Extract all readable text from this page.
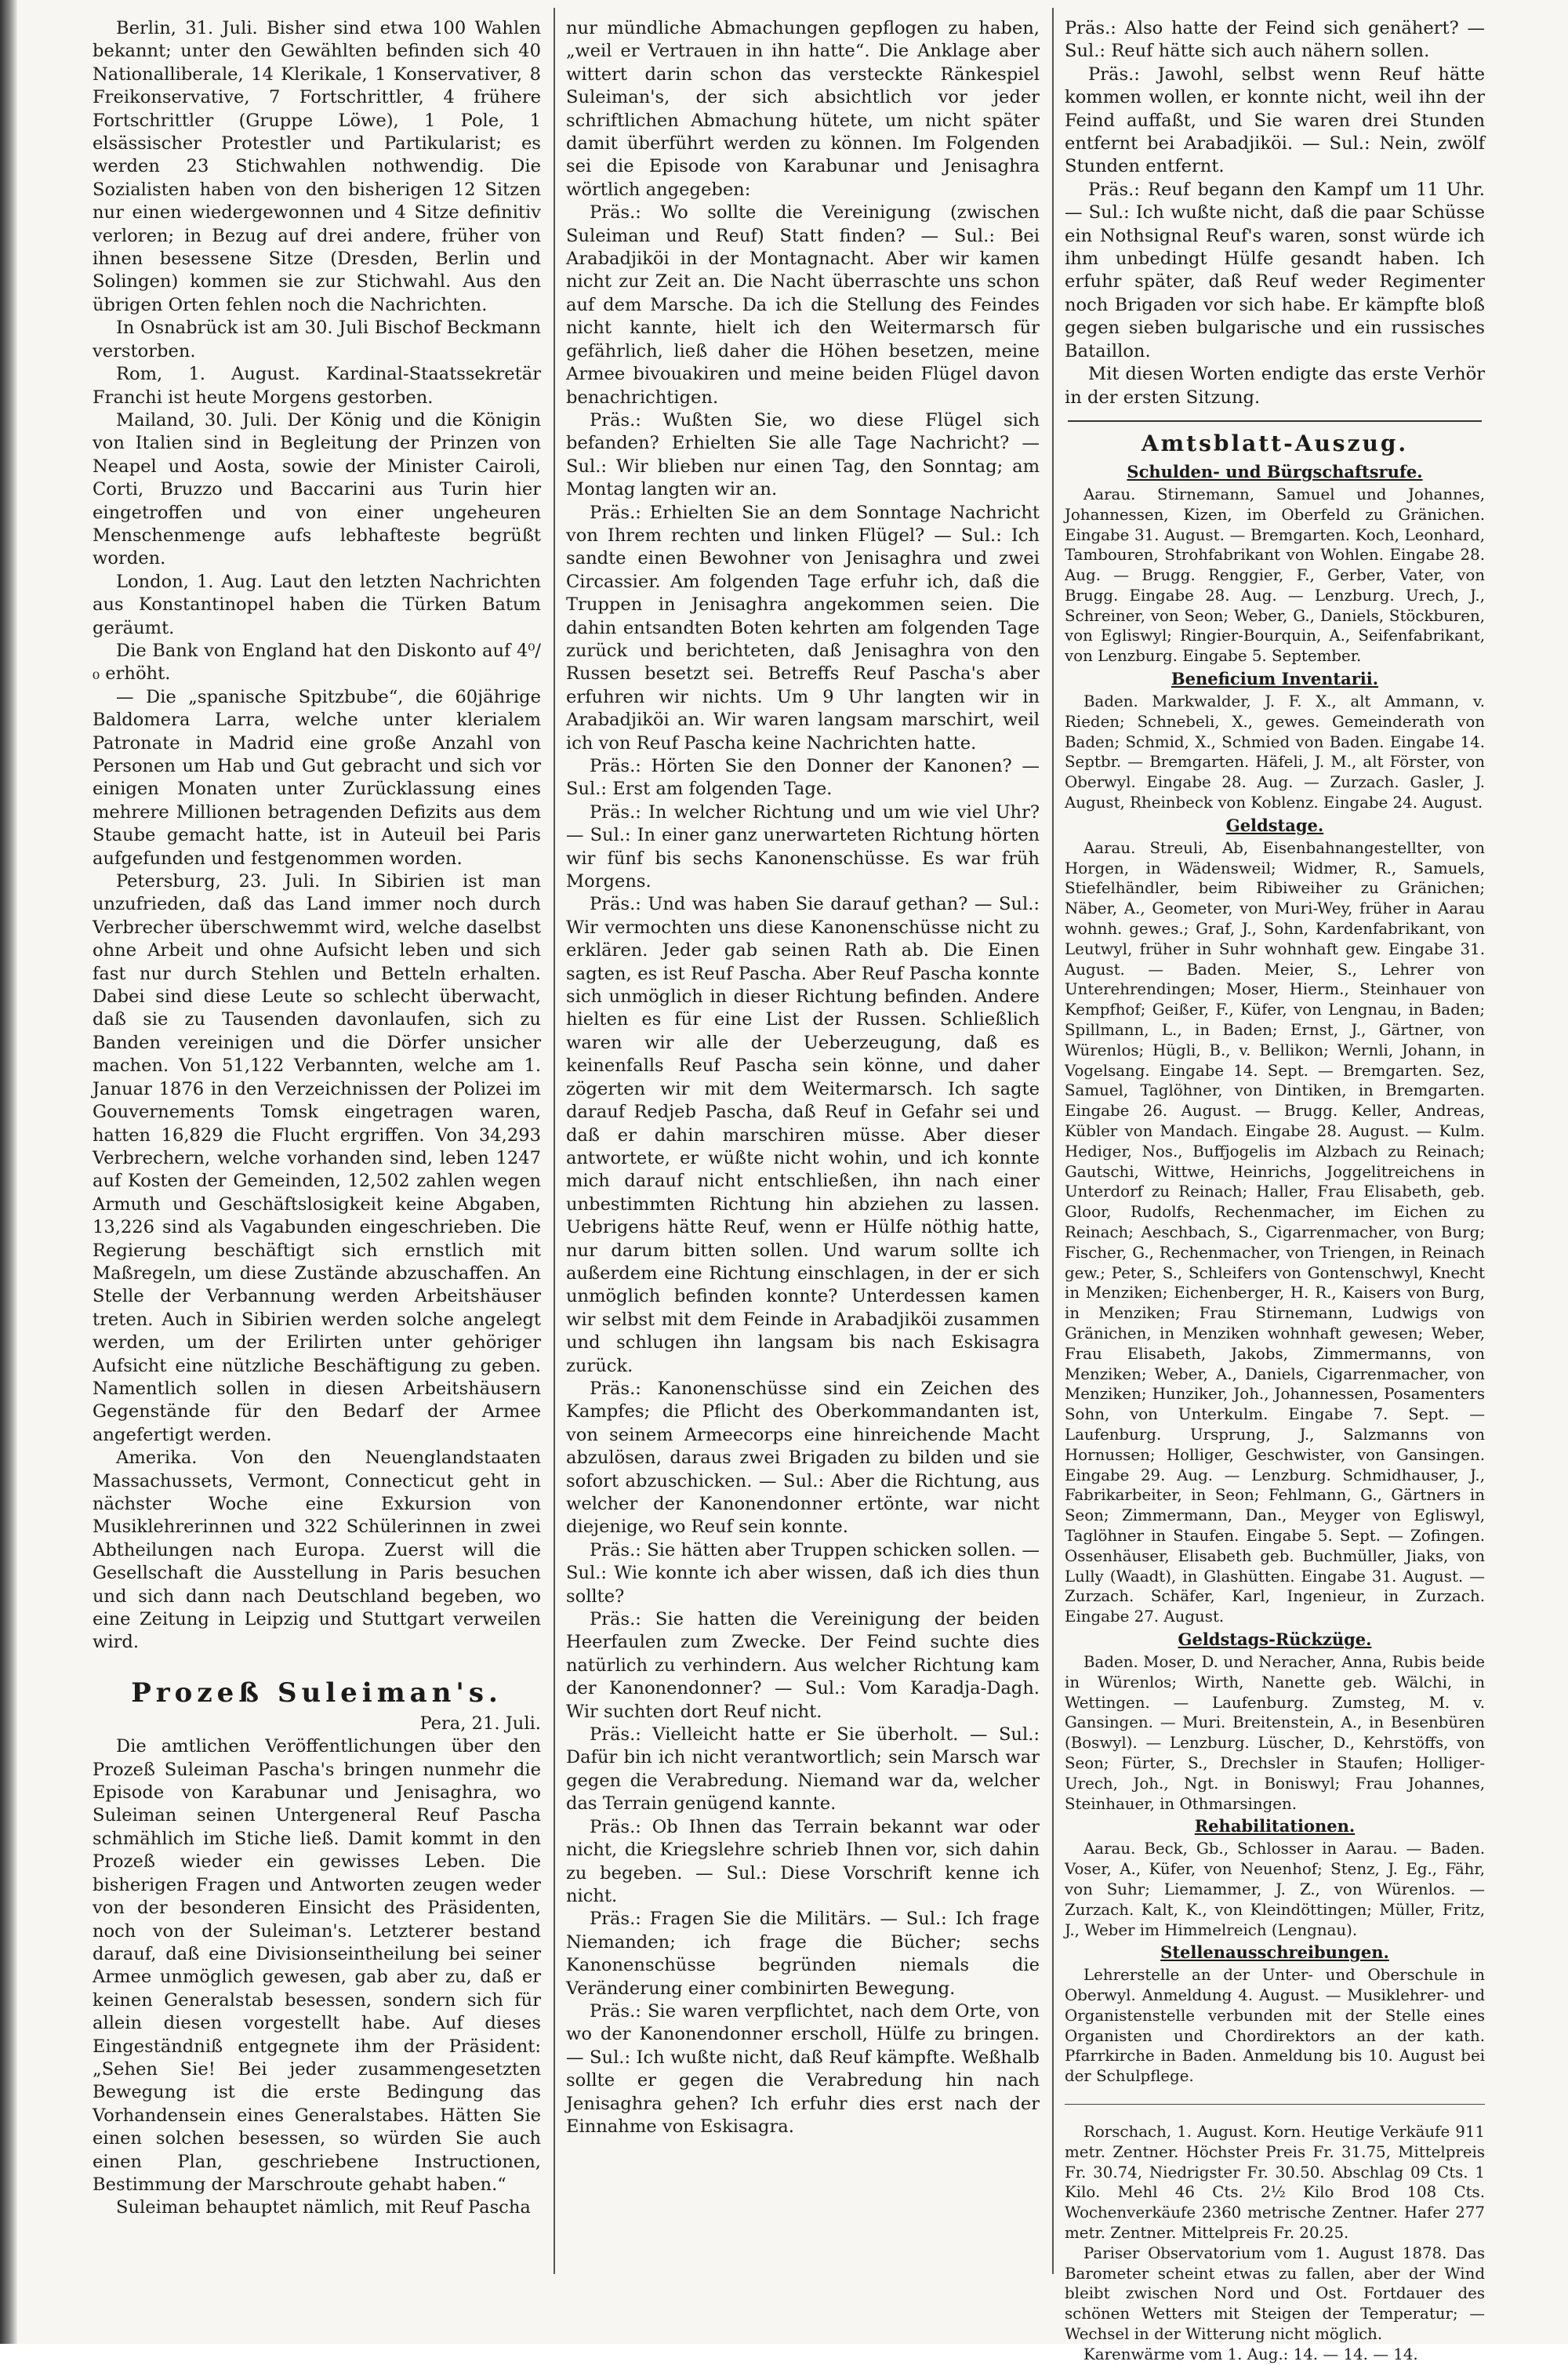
Berlin, 31. Juli. Bisher sind etwa 100 Wahlen bekannt; unter den Gewählten befinden sich 40 Nationalliberale, 14 Klerikale, 1 Konservativer, 8 Freikonservative, 7 Fortschrittler, 4 frühere Fortschrittler (Gruppe Löwe), 1 Pole, 1 elsässischer Protestler und Partikularist; es werden 23 Stichwahlen nothwendig. Die Sozialisten haben von den bisherigen 12 Sitzen nur einen wiedergewonnen und 4 Sitze definitiv verloren; in Bezug auf drei andere, früher von ihnen besessene Sitze (Dresden, Berlin und Solingen) kommen sie zur Stichwahl. Aus den übrigen Orten fehlen noch die Nachrichten.

In Osnabrück ist am 30. Juli Bischof Beckmann verstorben.

Rom, 1. August. Kardinal-Staatssekretär Franchi ist heute Morgens gestorben.

Mailand, 30. Juli. Der König und die Königin von Italien sind in Begleitung der Prinzen von Neapel und Aosta, sowie der Minister Cairoli, Corti, Bruzzo und Baccarini aus Turin hier eingetroffen und von einer ungeheuren Menschenmenge aufs lebhafteste begrüßt worden.

London, 1. Aug. Laut den letzten Nachrichten aus Konstantinopel haben die Türken Batum geräumt.

Die Bank von England hat den Diskonto auf 4⁰/₀ erhöht.

— Die „spanische Spitzbube“, die 60jährige Baldomera Larra, welche unter klerialem Patronate in Madrid eine große Anzahl von Personen um Hab und Gut gebracht und sich vor einigen Monaten unter Zurücklassung eines mehrere Millionen betragenden Defizits aus dem Staube gemacht hatte, ist in Auteuil bei Paris aufgefunden und festgenommen worden.

Petersburg, 23. Juli. In Sibirien ist man unzufrieden, daß das Land immer noch durch Verbrecher überschwemmt wird, welche daselbst ohne Arbeit und ohne Aufsicht leben und sich fast nur durch Stehlen und Betteln erhalten. Dabei sind diese Leute so schlecht überwacht, daß sie zu Tausenden davonlaufen, sich zu Banden vereinigen und die Dörfer unsicher machen. Von 51,122 Verbannten, welche am 1. Januar 1876 in den Verzeichnissen der Polizei im Gouvernements Tomsk eingetragen waren, hatten 16,829 die Flucht ergriffen. Von 34,293 Verbrechern, welche vorhanden sind, leben 1247 auf Kosten der Gemeinden, 12,502 zahlen wegen Armuth und Geschäftslosigkeit keine Abgaben, 13,226 sind als Vagabunden eingeschrieben. Die Regierung beschäftigt sich ernstlich mit Maßregeln, um diese Zustände abzuschaffen. An Stelle der Verbannung werden Arbeitshäuser treten. Auch in Sibirien werden solche angelegt werden, um der Erilirten unter gehöriger Aufsicht eine nützliche Beschäftigung zu geben. Namentlich sollen in diesen Arbeitshäusern Gegenstände für den Bedarf der Armee angefertigt werden.

Amerika. Von den Neuenglandstaaten Massachussets, Vermont, Connecticut geht in nächster Woche eine Exkursion von Musiklehrerinnen und 322 Schülerinnen in zwei Abtheilungen nach Europa. Zuerst will die Gesellschaft die Ausstellung in Paris besuchen und sich dann nach Deutschland begeben, wo eine Zeitung in Leipzig und Stuttgart verweilen wird.

Prozeß Suleiman's.

Pera, 21. Juli.

Die amtlichen Veröffentlichungen über den Prozeß Suleiman Pascha's bringen nunmehr die Episode von Karabunar und Jenisaghra, wo Suleiman seinen Untergeneral Reuf Pascha schmählich im Stiche ließ. Damit kommt in den Prozeß wieder ein gewisses Leben. Die bisherigen Fragen und Antworten zeugen weder von der besonderen Einsicht des Präsidenten, noch von der Suleiman's. Letzterer bestand darauf, daß eine Divisionseintheilung bei seiner Armee unmöglich gewesen, gab aber zu, daß er keinen Generalstab besessen, sondern sich für allein diesen vorgestellt habe. Auf dieses Eingeständniß entgegnete ihm der Präsident: „Sehen Sie! Bei jeder zusammengesetzten Bewegung ist die erste Bedingung das Vorhandensein eines Generalstabes. Hätten Sie einen solchen besessen, so würden Sie auch einen Plan, geschriebene Instructionen, Bestimmung der Marschroute gehabt haben.“

Suleiman behauptet nämlich, mit Reuf Pascha

nur mündliche Abmachungen gepflogen zu haben, „weil er Vertrauen in ihn hatte“. Die Anklage aber wittert darin schon das versteckte Ränkespiel Suleiman's, der sich absichtlich vor jeder schriftlichen Abmachung hütete, um nicht später damit überführt werden zu können. Im Folgenden sei die Episode von Karabunar und Jenisaghra wörtlich angegeben:

Präs.: Wo sollte die Vereinigung (zwischen Suleiman und Reuf) Statt finden? — Sul.: Bei Arabadjiköi in der Montagnacht. Aber wir kamen nicht zur Zeit an. Die Nacht überraschte uns schon auf dem Marsche. Da ich die Stellung des Feindes nicht kannte, hielt ich den Weitermarsch für gefährlich, ließ daher die Höhen besetzen, meine Armee bivouakiren und meine beiden Flügel davon benachrichtigen.

Präs.: Wußten Sie, wo diese Flügel sich befanden? Erhielten Sie alle Tage Nachricht? — Sul.: Wir blieben nur einen Tag, den Sonntag; am Montag langten wir an.

Präs.: Erhielten Sie an dem Sonntage Nachricht von Ihrem rechten und linken Flügel? — Sul.: Ich sandte einen Bewohner von Jenisaghra und zwei Circassier. Am folgenden Tage erfuhr ich, daß die Truppen in Jenisaghra angekommen seien. Die dahin entsandten Boten kehrten am folgenden Tage zurück und berichteten, daß Jenisaghra von den Russen besetzt sei. Betreffs Reuf Pascha's aber erfuhren wir nichts. Um 9 Uhr langten wir in Arabadjiköi an. Wir waren langsam marschirt, weil ich von Reuf Pascha keine Nachrichten hatte.

Präs.: Hörten Sie den Donner der Kanonen? — Sul.: Erst am folgenden Tage.

Präs.: In welcher Richtung und um wie viel Uhr? — Sul.: In einer ganz unerwarteten Richtung hörten wir fünf bis sechs Kanonenschüsse. Es war früh Morgens.

Präs.: Und was haben Sie darauf gethan? — Sul.: Wir vermochten uns diese Kanonenschüsse nicht zu erklären. Jeder gab seinen Rath ab. Die Einen sagten, es ist Reuf Pascha. Aber Reuf Pascha konnte sich unmöglich in dieser Richtung befinden. Andere hielten es für eine List der Russen. Schließlich waren wir alle der Ueberzeugung, daß es keinenfalls Reuf Pascha sein könne, und daher zögerten wir mit dem Weitermarsch. Ich sagte darauf Redjeb Pascha, daß Reuf in Gefahr sei und daß er dahin marschiren müsse. Aber dieser antwortete, er wüßte nicht wohin, und ich konnte mich darauf nicht entschließen, ihn nach einer unbestimmten Richtung hin abziehen zu lassen. Uebrigens hätte Reuf, wenn er Hülfe nöthig hatte, nur darum bitten sollen. Und warum sollte ich außerdem eine Richtung einschlagen, in der er sich unmöglich befinden konnte? Unterdessen kamen wir selbst mit dem Feinde in Arabadjiköi zusammen und schlugen ihn langsam bis nach Eskisagra zurück.

Präs.: Kanonenschüsse sind ein Zeichen des Kampfes; die Pflicht des Oberkommandanten ist, von seinem Armeecorps eine hinreichende Macht abzulösen, daraus zwei Brigaden zu bilden und sie sofort abzuschicken. — Sul.: Aber die Richtung, aus welcher der Kanonendonner ertönte, war nicht diejenige, wo Reuf sein konnte.

Präs.: Sie hätten aber Truppen schicken sollen. — Sul.: Wie konnte ich aber wissen, daß ich dies thun sollte?

Präs.: Sie hatten die Vereinigung der beiden Heerfaulen zum Zwecke. Der Feind suchte dies natürlich zu verhindern. Aus welcher Richtung kam der Kanonendonner? — Sul.: Vom Karadja-Dagh. Wir suchten dort Reuf nicht.

Präs.: Vielleicht hatte er Sie überholt. — Sul.: Dafür bin ich nicht verantwortlich; sein Marsch war gegen die Verabredung. Niemand war da, welcher das Terrain genügend kannte.

Präs.: Ob Ihnen das Terrain bekannt war oder nicht, die Kriegslehre schrieb Ihnen vor, sich dahin zu begeben. — Sul.: Diese Vorschrift kenne ich nicht.

Präs.: Fragen Sie die Militärs. — Sul.: Ich frage Niemanden; ich frage die Bücher; sechs Kanonenschüsse begründen niemals die Veränderung einer combinirten Bewegung.

Präs.: Sie waren verpflichtet, nach dem Orte, von wo der Kanonendonner erscholl, Hülfe zu bringen. — Sul.: Ich wußte nicht, daß Reuf kämpfte. Weßhalb sollte er gegen die Verabredung hin nach Jenisaghra gehen? Ich erfuhr dies erst nach der Einnahme von Eskisagra.

Präs.: Also hatte der Feind sich genähert? — Sul.: Reuf hätte sich auch nähern sollen.

Präs.: Jawohl, selbst wenn Reuf hätte kommen wollen, er konnte nicht, weil ihn der Feind auffaßt, und Sie waren drei Stunden entfernt bei Arabadjiköi. — Sul.: Nein, zwölf Stunden entfernt.

Präs.: Reuf begann den Kampf um 11 Uhr. — Sul.: Ich wußte nicht, daß die paar Schüsse ein Nothsignal Reuf's waren, sonst würde ich ihm unbedingt Hülfe gesandt haben. Ich erfuhr später, daß Reuf weder Regimenter noch Brigaden vor sich habe. Er kämpfte bloß gegen sieben bulgarische und ein russisches Bataillon.

Mit diesen Worten endigte das erste Verhör in der ersten Sitzung.

Amtsblatt-Auszug.

Schulden- und Bürgschaftsrufe.

Aarau. Stirnemann, Samuel und Johannes, Johannessen, Kizen, im Oberfeld zu Gränichen. Eingabe 31. August. — Bremgarten. Koch, Leonhard, Tambouren, Strohfabrikant von Wohlen. Eingabe 28. Aug. — Brugg. Renggier, F., Gerber, Vater, von Brugg. Eingabe 28. Aug. — Lenzburg. Urech, J., Schreiner, von Seon; Weber, G., Daniels, Stöckburen, von Egliswyl; Ringier-Bourquin, A., Seifenfabrikant, von Lenzburg. Eingabe 5. September.

Beneficium Inventarii.

Baden. Markwalder, J. F. X., alt Ammann, v. Rieden; Schnebeli, X., gewes. Gemeinderath von Baden; Schmid, X., Schmied von Baden. Eingabe 14. Septbr. — Bremgarten. Häfeli, J. M., alt Förster, von Oberwyl. Eingabe 28. Aug. — Zurzach. Gasler, J. August, Rheinbeck von Koblenz. Eingabe 24. August.

Geldstage.

Aarau. Streuli, Ab, Eisenbahnangestellter, von Horgen, in Wädensweil; Widmer, R., Samuels, Stiefelhändler, beim Ribiweiher zu Gränichen; Näber, A., Geometer, von Muri-Wey, früher in Aarau wohnh. gewes.; Graf, J., Sohn, Kardenfabrikant, von Leutwyl, früher in Suhr wohnhaft gew. Eingabe 31. August. — Baden. Meier, S., Lehrer von Unterehrendingen; Moser, Hierm., Steinhauer von Kempfhof; Geißer, F., Küfer, von Lengnau, in Baden; Spillmann, L., in Baden; Ernst, J., Gärtner, von Würenlos; Hügli, B., v. Bellikon; Wernli, Johann, in Vogelsang. Eingabe 14. Sept. — Bremgarten. Sez, Samuel, Taglöhner, von Dintiken, in Bremgarten. Eingabe 26. August. — Brugg. Keller, Andreas, Kübler von Mandach. Eingabe 28. August. — Kulm. Hediger, Nos., Buffjogelis im Alzbach zu Reinach; Gautschi, Wittwe, Heinrichs, Joggelitreichens in Unterdorf zu Reinach; Haller, Frau Elisabeth, geb. Gloor, Rudolfs, Rechenmacher, im Eichen zu Reinach; Aeschbach, S., Cigarrenmacher, von Burg; Fischer, G., Rechenmacher, von Triengen, in Reinach gew.; Peter, S., Schleifers von Gontenschwyl, Knecht in Menziken; Eichenberger, H. R., Kaisers von Burg, in Menziken; Frau Stirnemann, Ludwigs von Gränichen, in Menziken wohnhaft gewesen; Weber, Frau Elisabeth, Jakobs, Zimmermanns, von Menziken; Weber, A., Daniels, Cigarrenmacher, von Menziken; Hunziker, Joh., Johannessen, Posamenters Sohn, von Unterkulm. Eingabe 7. Sept. — Laufenburg. Ursprung, J., Salzmanns von Hornussen; Holliger, Geschwister, von Gansingen. Eingabe 29. Aug. — Lenzburg. Schmidhauser, J., Fabrikarbeiter, in Seon; Fehlmann, G., Gärtners in Seon; Zimmermann, Dan., Meyger von Egliswyl, Taglöhner in Staufen. Eingabe 5. Sept. — Zofingen. Ossenhäuser, Elisabeth geb. Buchmüller, Jiaks, von Lully (Waadt), in Glashütten. Eingabe 31. August. — Zurzach. Schäfer, Karl, Ingenieur, in Zurzach. Eingabe 27. August.

Geldstags-Rückzüge.

Baden. Moser, D. und Neracher, Anna, Rubis beide in Würenlos; Wirth, Nanette geb. Wälchi, in Wettingen. — Laufenburg. Zumsteg, M. v. Gansingen. — Muri. Breitenstein, A., in Besenbüren (Boswyl). — Lenzburg. Lüscher, D., Kehrstöffs, von Seon; Fürter, S., Drechsler in Staufen; Holliger-Urech, Joh., Ngt. in Boniswyl; Frau Johannes, Steinhauer, in Othmarsingen.

Rehabilitationen.

Aarau. Beck, Gb., Schlosser in Aarau. — Baden. Voser, A., Küfer, von Neuenhof; Stenz, J. Eg., Fähr, von Suhr; Liemammer, J. Z., von Würenlos. — Zurzach. Kalt, K., von Kleindöttingen; Müller, Fritz, J., Weber im Himmelreich (Lengnau).

Stellenausschreibungen.

Lehrerstelle an der Unter- und Oberschule in Oberwyl. Anmeldung 4. August. — Musiklehrer- und Organistenstelle verbunden mit der Stelle eines Organisten und Chordirektors an der kath. Pfarrkirche in Baden. Anmeldung bis 10. August bei der Schulpflege.

Rorschach, 1. August. Korn. Heutige Verkäufe 911 metr. Zentner. Höchster Preis Fr. 31.75, Mittelpreis Fr. 30.74, Niedrigster Fr. 30.50. Abschlag 09 Cts. 1 Kilo. Mehl 46 Cts. 2½ Kilo Brod 108 Cts. Wochenverkäufe 2360 metrische Zentner. Hafer 277 metr. Zentner. Mittelpreis Fr. 20.25.

Pariser Observatorium vom 1. August 1878. Das Barometer scheint etwas zu fallen, aber der Wind bleibt zwischen Nord und Ost. Fortdauer des schönen Wetters mit Steigen der Temperatur; — Wechsel in der Witterung nicht möglich.

Karenwärme vom 1. Aug.: 14. — 14. — 14.
